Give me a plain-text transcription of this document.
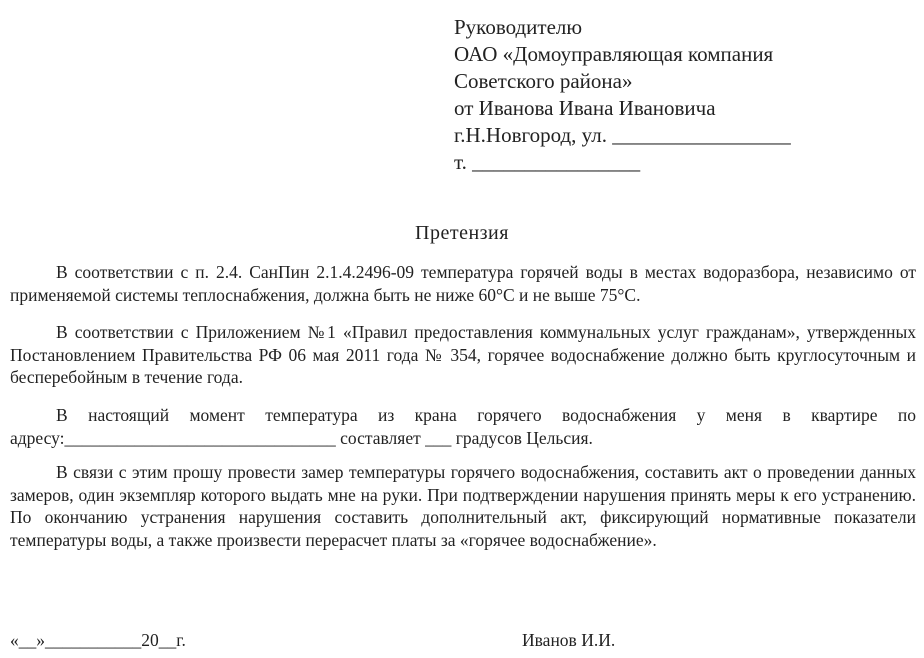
Руководителю
ОАО «Домоуправляющая компания
Советского района»
от Иванова Ивана Ивановича
г.Н.Новгород, ул. _________________
т. ________________
Претензия

В соответствии с п. 2.4. СанПин 2.1.4.2496-09 температура горячей воды в местах водоразбора, независимо от применяемой системы теплоснабжения, должна быть не ниже 60°C и не выше 75°C.

В соответствии с Приложением №1 «Правил предоставления коммунальных услуг гражданам», утвержденных Постановлением Правительства РФ 06 мая 2011 года № 354, горячее водоснабжение должно быть круглосуточным и бесперебойным в течение года.

В настоящий момент температура из крана горячего водоснабжения у меня в квартире по адресу:_______________________________ составляет ___ градусов Цельсия.

В связи с этим прошу провести замер температуры горячего водоснабжения, составить акт о проведении данных замеров, один экземпляр которого выдать мне на руки. При подтверждении нарушения принять меры к его устранению. По окончанию устранения нарушения составить дополнительный акт, фиксирующий нормативные показатели температуры воды, а также произвести перерасчет платы за «горячее водоснабжение».

«__»___________20__г.	Иванов И.И.
